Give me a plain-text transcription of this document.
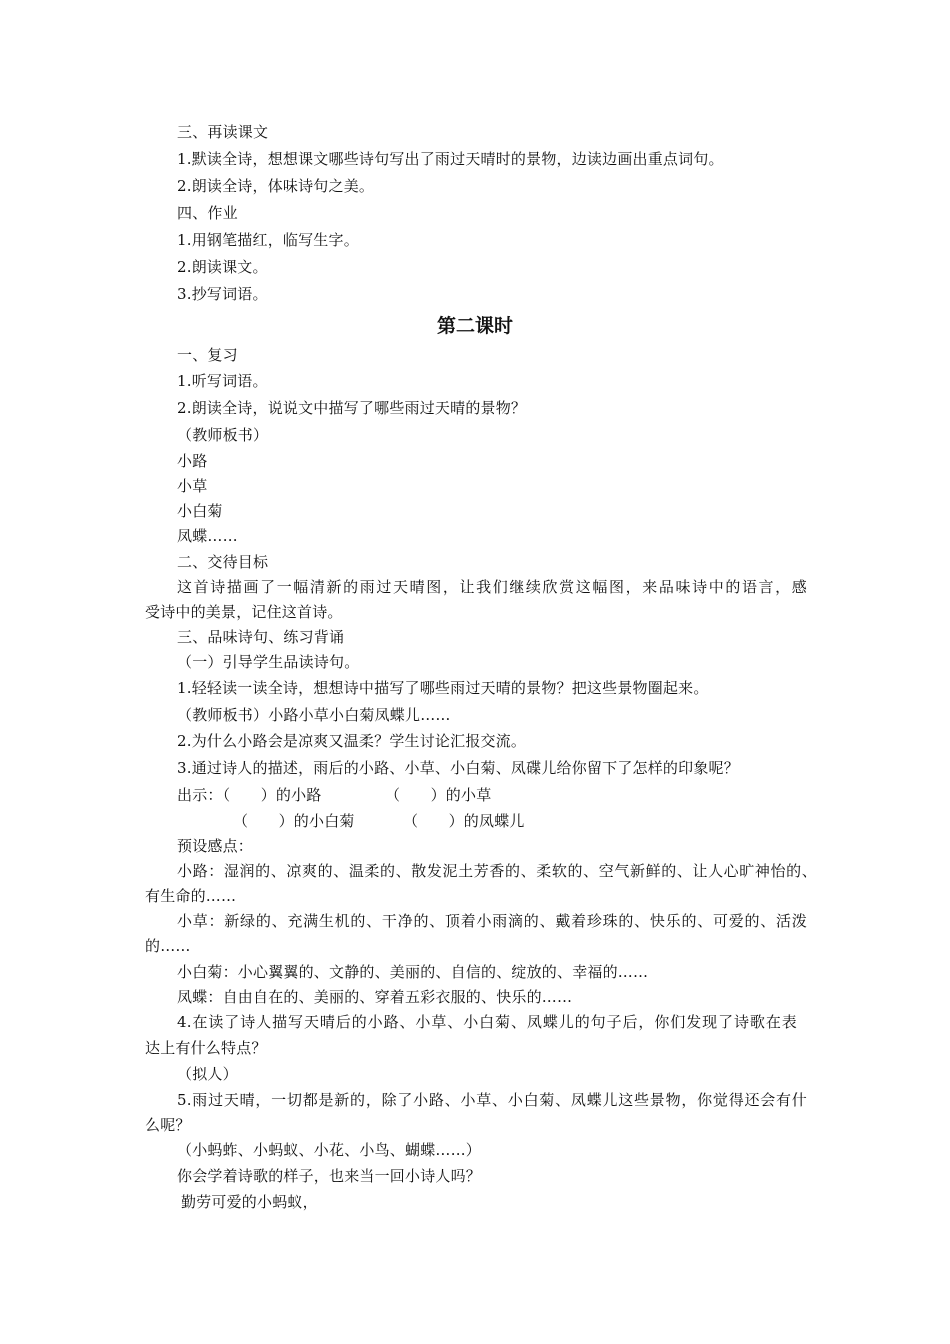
三、再读课文
1.默读全诗，想想课文哪些诗句写出了雨过天晴时的景物，边读边画出重点词句。
2.朗读全诗，体味诗句之美。
四、作业
1.用钢笔描红，临写生字。
2.朗读课文。
3.抄写词语。
第二课时
一、复习
1.听写词语。
2.朗读全诗，说说文中描写了哪些雨过天晴的景物？
（教师板书）
小路
小草
小白菊
凤蝶……
二、交待目标
这首诗描画了一幅清新的雨过天晴图，让我们继续欣赏这幅图，来品味诗中的语言，感
受诗中的美景，记住这首诗。
三、品味诗句、练习背诵
（一）引导学生品读诗句。
1.轻轻读一读全诗，想想诗中描写了哪些雨过天晴的景物？把这些景物圈起来。
（教师板书）小路小草小白菊凤蝶儿……
2.为什么小路会是凉爽又温柔？学生讨论汇报交流。
3.通过诗人的描述，雨后的小路、小草、小白菊、凤碟儿给你留下了怎样的印象呢？
出示：（　　）的小路	（　　）的小草
（　　）的小白菊	（　　）的凤蝶儿
预设感点：
小路：湿润的、凉爽的、温柔的、散发泥土芳香的、柔软的、空气新鲜的、让人心旷神怡的、
有生命的……
小草：新绿的、充满生机的、干净的、顶着小雨滴的、戴着珍珠的、快乐的、可爱的、活泼
的……
小白菊：小心翼翼的、文静的、美丽的、自信的、绽放的、幸福的……
凤蝶：自由自在的、美丽的、穿着五彩衣服的、快乐的……
4.在读了诗人描写天晴后的小路、小草、小白菊、凤蝶儿的句子后，你们发现了诗歌在表
达上有什么特点？
（拟人）
5.雨过天晴，一切都是新的，除了小路、小草、小白菊、凤蝶儿这些景物，你觉得还会有什
么呢？
（小蚂蚱、小蚂蚁、小花、小鸟、蝴蝶……）
你会学着诗歌的样子，也来当一回小诗人吗？
勤劳可爱的小蚂蚁，
